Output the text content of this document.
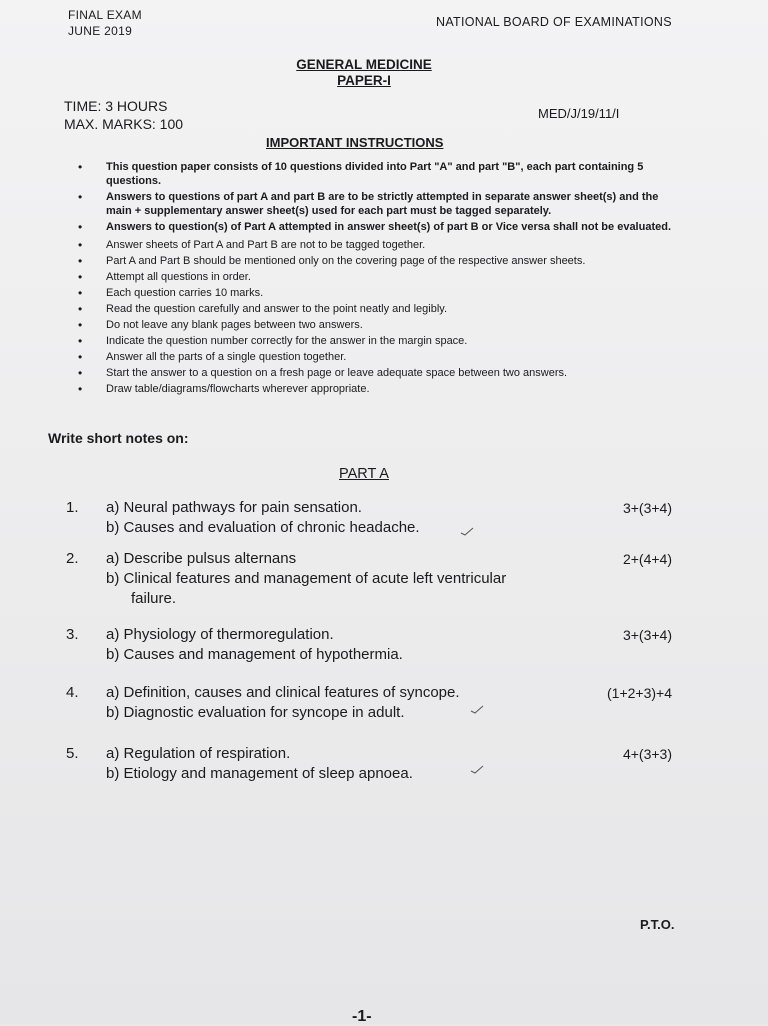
FINAL EXAM
JUNE 2019
NATIONAL BOARD OF EXAMINATIONS
GENERAL MEDICINE
PAPER-I
TIME: 3 HOURS
MAX. MARKS: 100
MED/J/19/11/I
IMPORTANT INSTRUCTIONS
• This question paper consists of 10 questions divided into Part "A" and part "B", each part containing 5 questions.
• Answers to questions of part A and part B are to be strictly attempted in separate answer sheet(s) and the main + supplementary answer sheet(s) used for each part must be tagged separately.
• Answers to question(s) of Part A attempted in answer sheet(s) of part B or Vice versa shall not be evaluated.
• Answer sheets of Part A and Part B are not to be tagged together.
• Part A and Part B should be mentioned only on the covering page of the respective answer sheets.
• Attempt all questions in order.
• Each question carries 10 marks.
• Read the question carefully and answer to the point neatly and legibly.
• Do not leave any blank pages between two answers.
• Indicate the question number correctly for the answer in the margin space.
• Answer all the parts of a single question together.
• Start the answer to a question on a fresh page or leave adequate space between two answers.
• Draw table/diagrams/flowcharts wherever appropriate.
Write short notes on:
PART A
1. a) Neural pathways for pain sensation.
b) Causes and evaluation of chronic headache.
3+(3+4)
2. a) Describe pulsus alternans
b) Clinical features and management of acute left ventricular
failure.
2+(4+4)
3. a) Physiology of thermoregulation.
b) Causes and management of hypothermia.
3+(3+4)
4. a) Definition, causes and clinical features of syncope.
b) Diagnostic evaluation for syncope in adult.
(1+2+3)+4
5. a) Regulation of respiration.
b) Etiology and management of sleep apnoea.
4+(3+3)
P.T.O.
-1-
